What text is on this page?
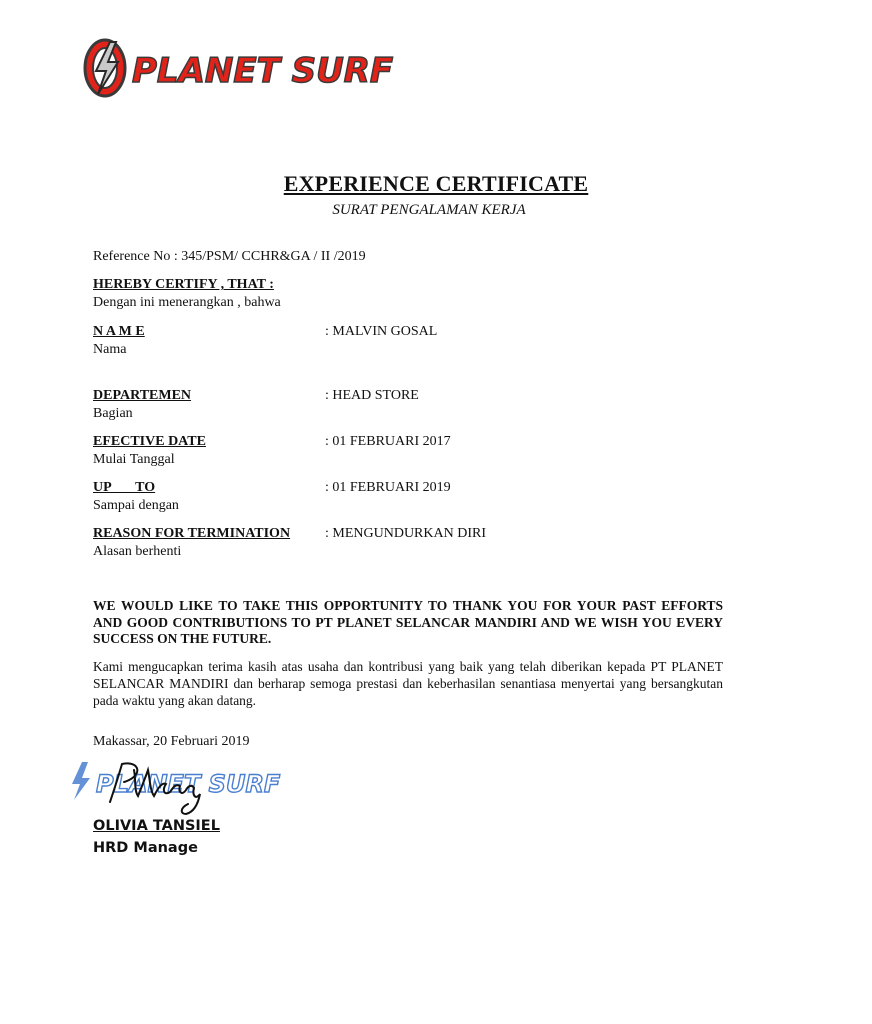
PLANET SURF
EXPERIENCE CERTIFICATE
SURAT PENGALAMAN KERJA
Reference No : 345/PSM/ CCHR&GA / II /2019
HEREBY CERTIFY , THAT :
Dengan ini menerangkan , bahwa
N A M E
Nama
: MALVIN GOSAL
DEPARTEMEN
Bagian
: HEAD STORE
EFECTIVE DATE
Mulai Tanggal
: 01 FEBRUARI 2017
UP       TO
Sampai dengan
: 01 FEBRUARI 2019
REASON FOR TERMINATION
Alasan berhenti
: MENGUNDURKAN DIRI
WE WOULD LIKE TO TAKE THIS OPPORTUNITY TO THANK YOU FOR YOUR PAST EFFORTS AND GOOD CONTRIBUTIONS TO PT PLANET SELANCAR MANDIRI AND WE WISH YOU EVERY SUCCESS ON THE FUTURE.
Kami mengucapkan terima kasih atas usaha dan kontribusi yang baik yang telah diberikan kepada PT PLANET SELANCAR MANDIRI dan berharap semoga prestasi dan keberhasilan senantiasa menyertai yang bersangkutan pada waktu yang akan datang.
Makassar, 20 Februari 2019
PLANET SURF
OLIVIA TANSIEL
HRD Manage
